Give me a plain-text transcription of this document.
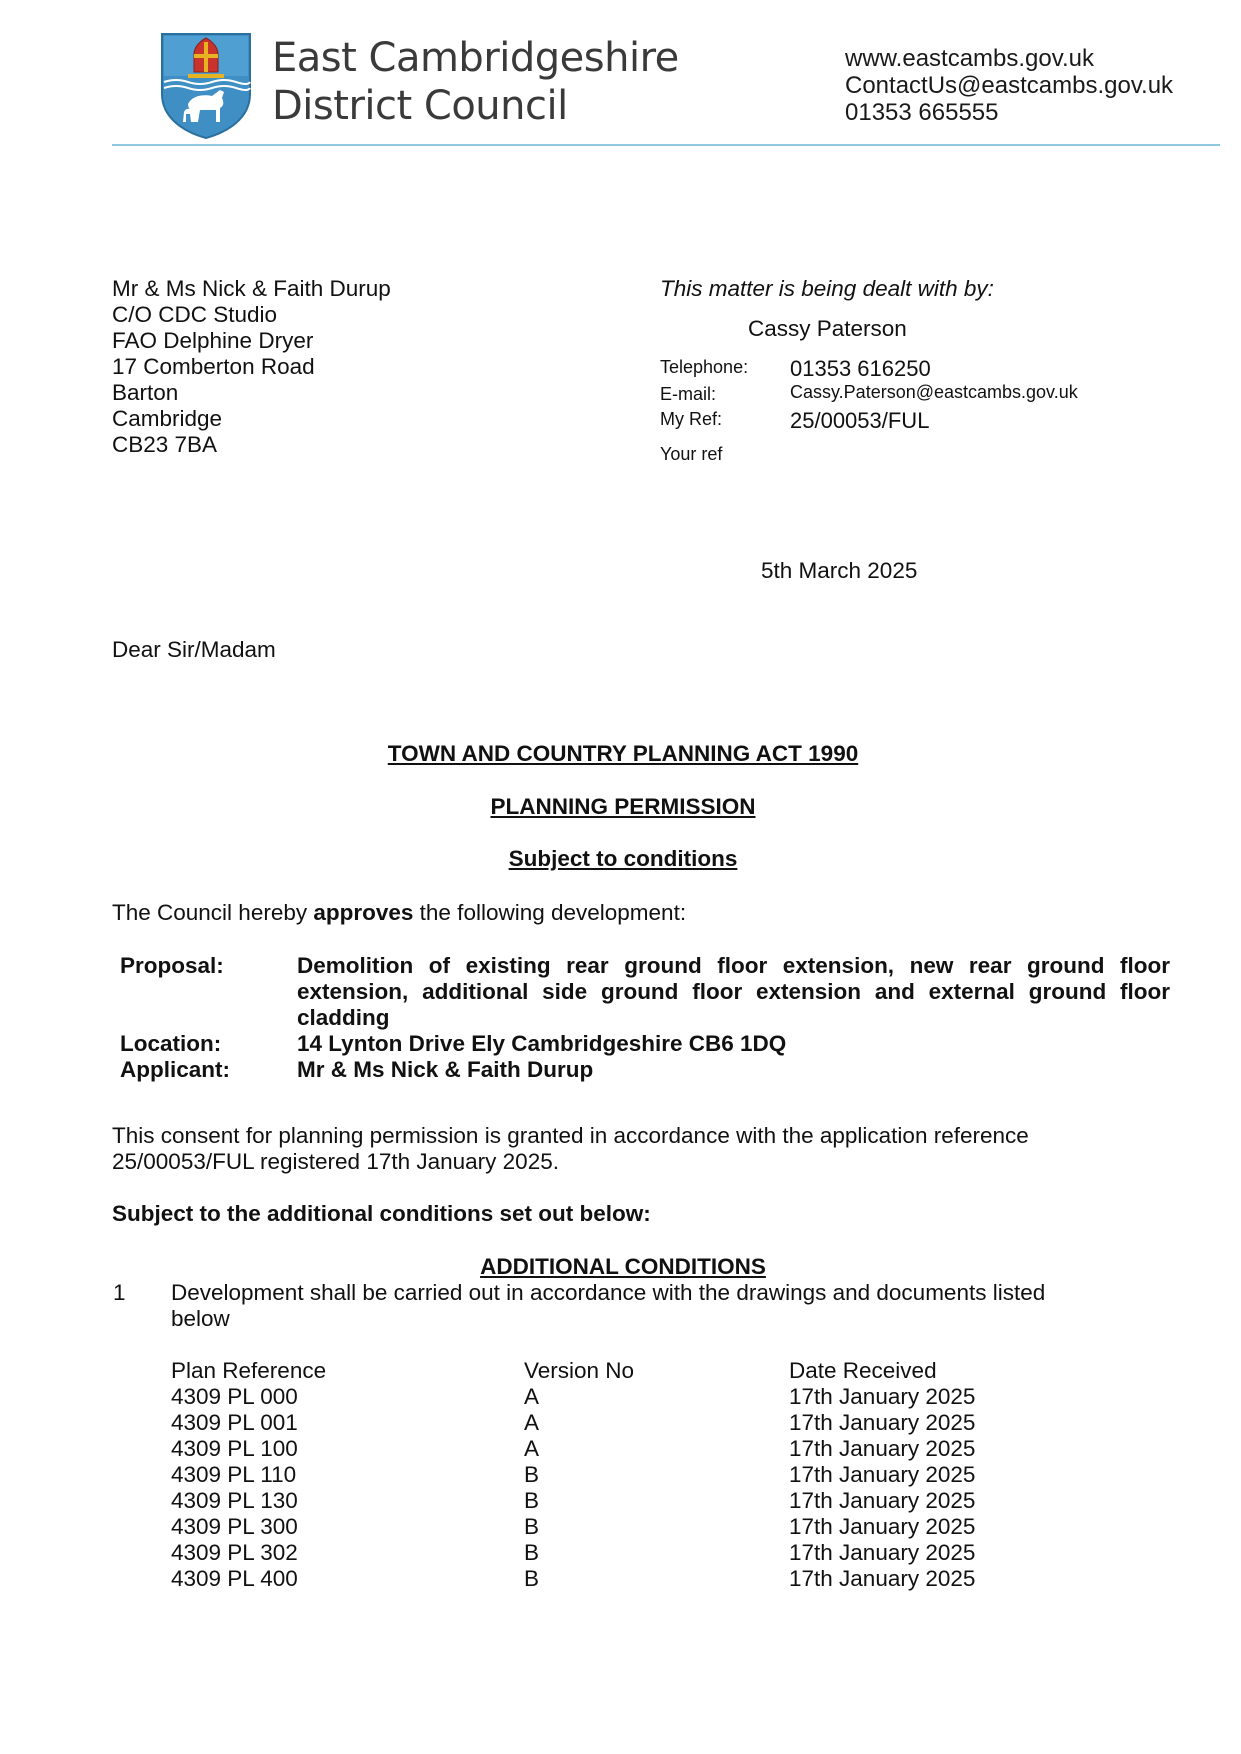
East Cambridgeshire
District Council
www.eastcambs.gov.uk
ContactUs@eastcambs.gov.uk
01353 665555
Mr & Ms Nick & Faith Durup
C/O CDC Studio
FAO Delphine Dryer
17 Comberton Road
Barton
Cambridge
CB23 7BA
This matter is being dealt with by:
Cassy Paterson
Telephone: 01353 616250
E-mail:	Cassy.Paterson@eastcambs.gov.uk
My Ref:	25/00053/FUL
Your ref
5th March 2025
Dear Sir/Madam
TOWN AND COUNTRY PLANNING ACT 1990
PLANNING PERMISSION
Subject to conditions
The Council hereby approves the following development:
Proposal:	Demolition of existing rear ground floor extension, new rear ground floor extension, additional side ground floor extension and external ground floor cladding
Location:	14 Lynton Drive Ely Cambridgeshire CB6 1DQ
Applicant:	Mr & Ms Nick & Faith Durup
This consent for planning permission is granted in accordance with the application reference
25/00053/FUL registered 17th January 2025.
Subject to the additional conditions set out below:
ADDITIONAL CONDITIONS
1 Development shall be carried out in accordance with the drawings and documents listed
below
Plan Reference	Version No	Date Received
4309 PL 000	A	17th January 2025
4309 PL 001	A	17th January 2025
4309 PL 100	A	17th January 2025
4309 PL 110	B	17th January 2025
4309 PL 130	B	17th January 2025
4309 PL 300	B	17th January 2025
4309 PL 302	B	17th January 2025
4309 PL 400	B	17th January 2025
